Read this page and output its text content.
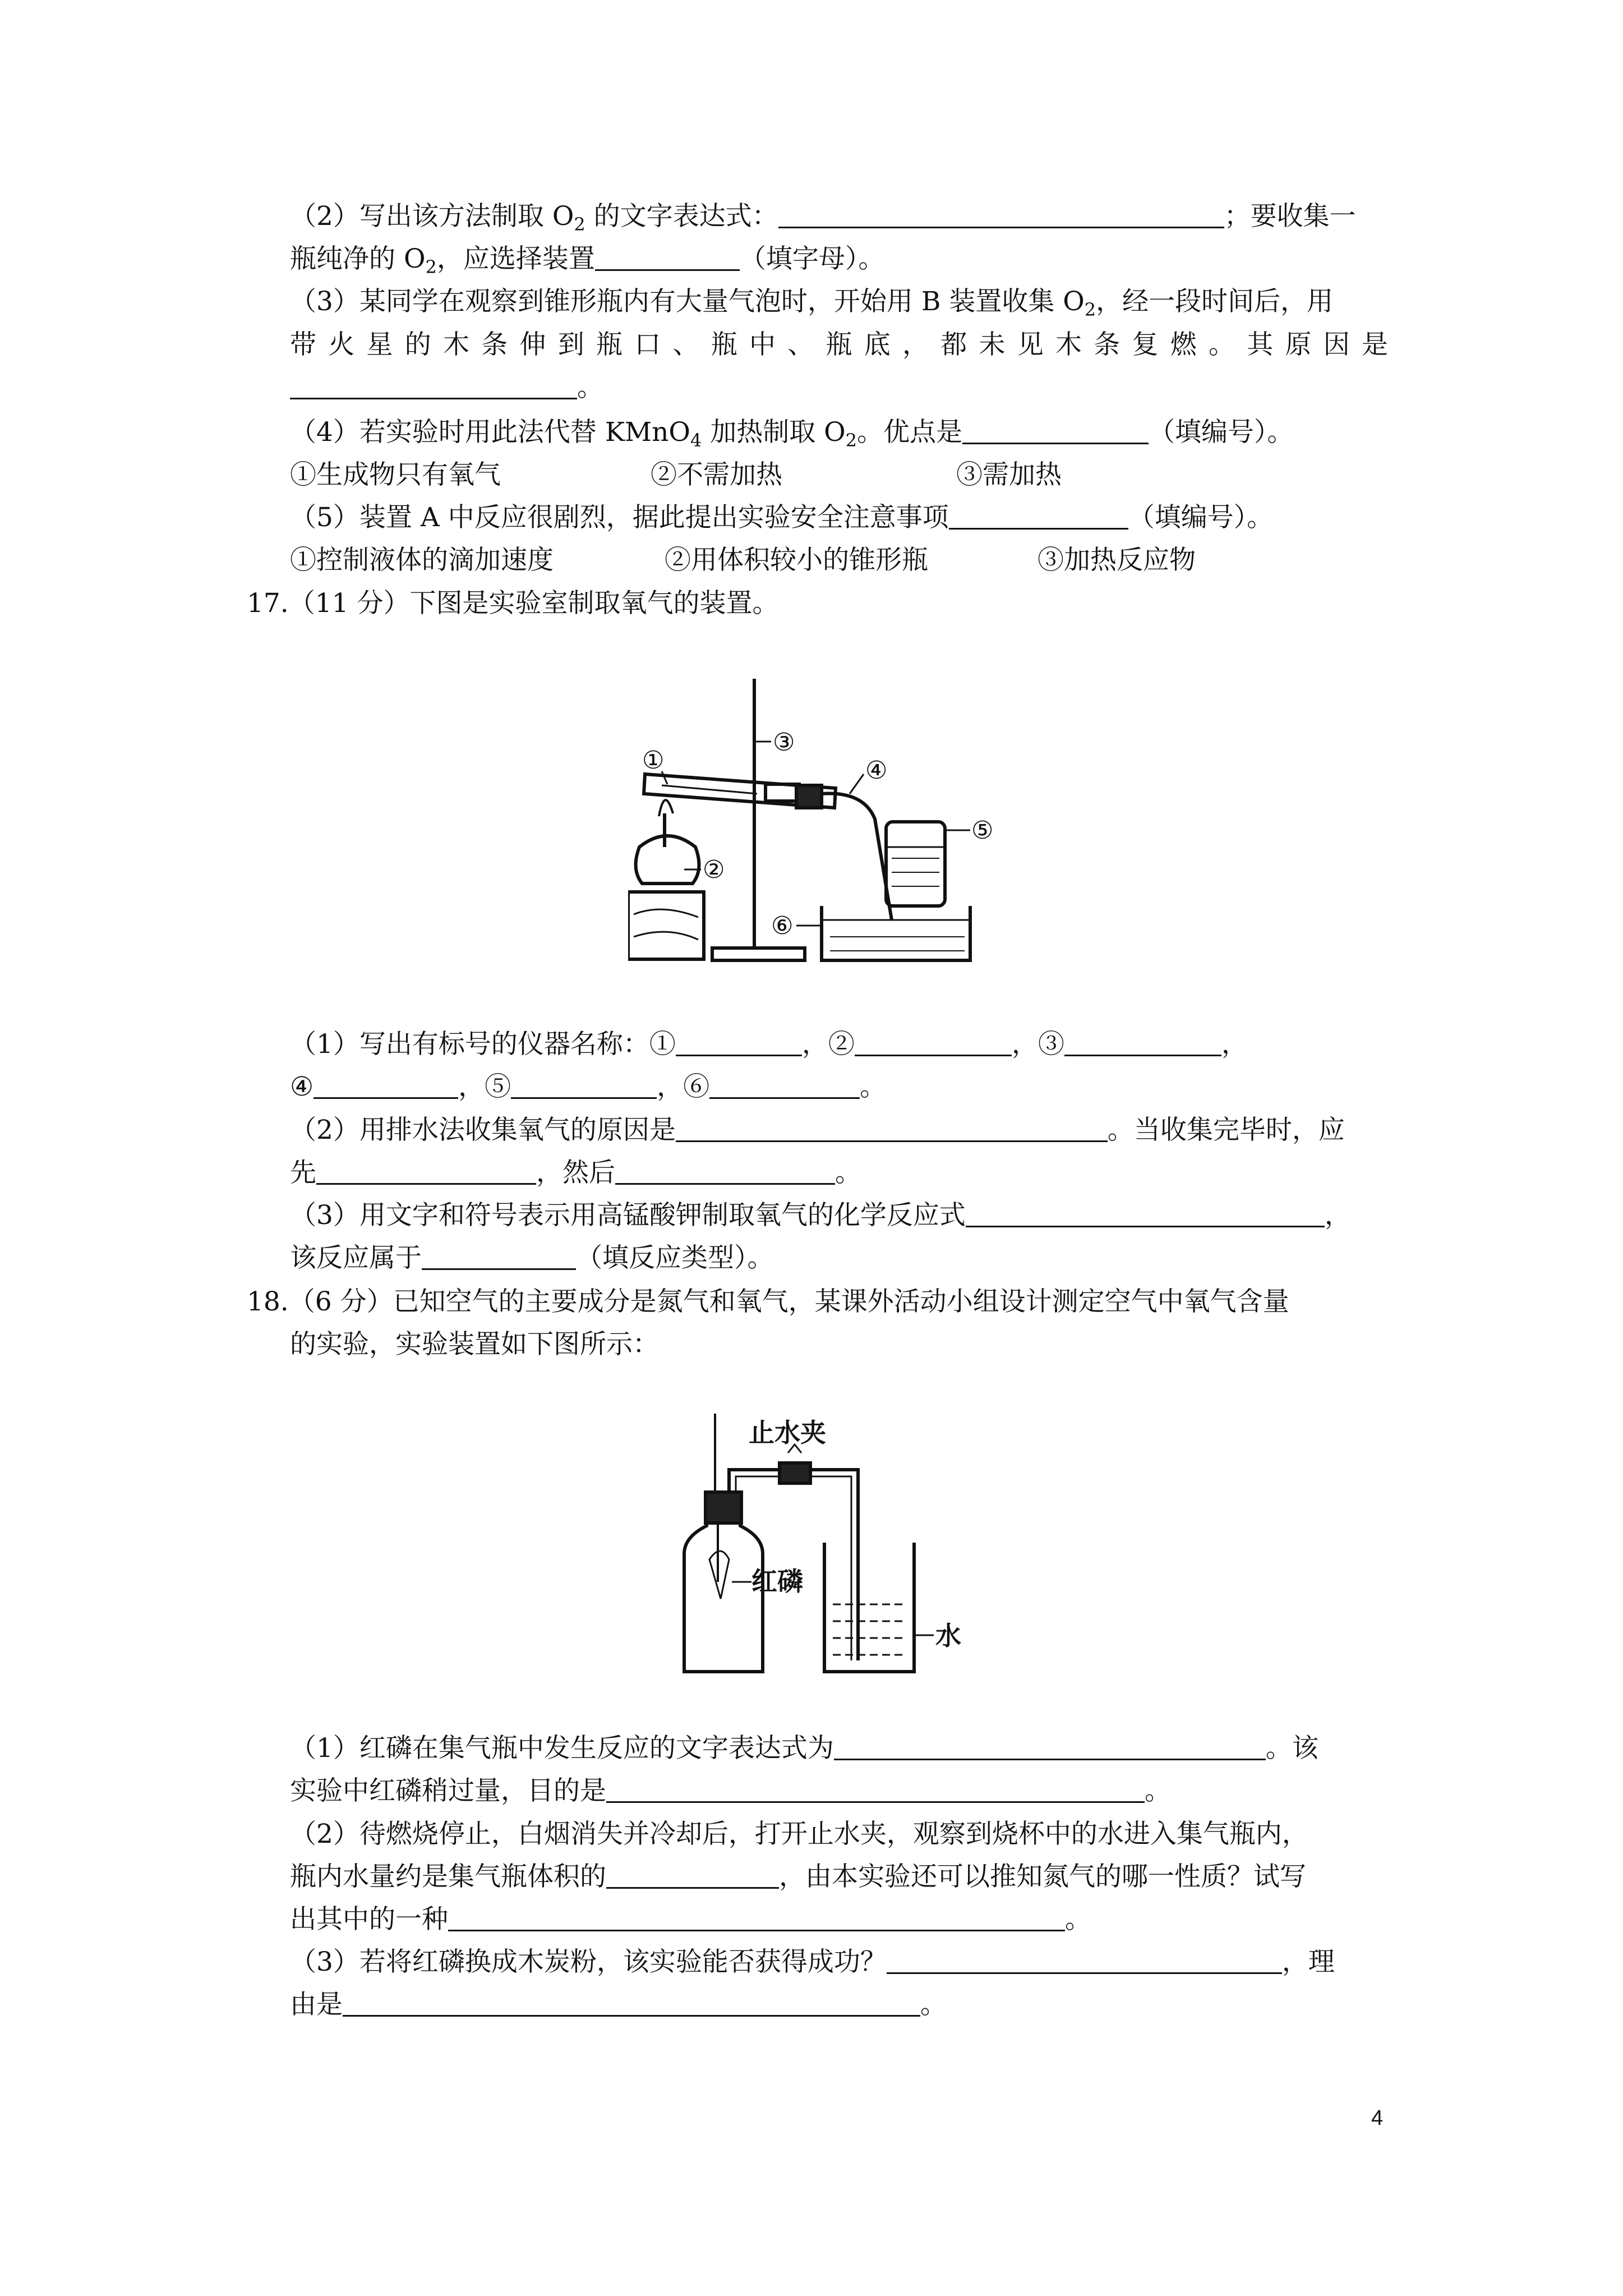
（2）写出该方法制取 $O_2$ 的文字表达式：	；要收集一
瓶纯净的 $O_2$，应选择装置	（填字母）。
（3）某同学在观察到锥形瓶内有大量气泡时，开始用 B 装置收集 $O_2$，经一段时间后，用
带火星的木条伸到瓶口、瓶中、瓶底，都未见木条复燃。其原因是
。
（4）若实验时用此法代替 KMnO$_4$ 加热制取 $O_2$。优点是	（填编号）。
①生成物只有氧气	②不需加热	③需加热
（5）装置 A 中反应很剧烈，据此提出实验安全注意事项	（填编号）。
①控制液体的滴加速度	②用体积较小的锥形瓶	③加热反应物
17.（11 分）下图是实验室制取氧气的装置。
①
②
③
④
⑤
⑥
（1）写出有标号的仪器名称：①	，②	，③	，
④	，⑤	，⑥	。
（2）用排水法收集氧气的原因是	。当收集完毕时，应
先	，然后	。
（3）用文字和符号表示用高锰酸钾制取氧气的化学反应式	，
该反应属于	（填反应类型）。
18.（6 分）已知空气的主要成分是氮气和氧气，某课外活动小组设计测定空气中氧气含量
的实验，实验装置如下图所示：
止水夹
红磷
水
（1）红磷在集气瓶中发生反应的文字表达式为	。该
实验中红磷稍过量，目的是	。
（2）待燃烧停止，白烟消失并冷却后，打开止水夹，观察到烧杯中的水进入集气瓶内，
瓶内水量约是集气瓶体积的	，由本实验还可以推知氮气的哪一性质？试写
出其中的一种	。
（3）若将红磷换成木炭粉，该实验能否获得成功？	，理
由是	。
4
